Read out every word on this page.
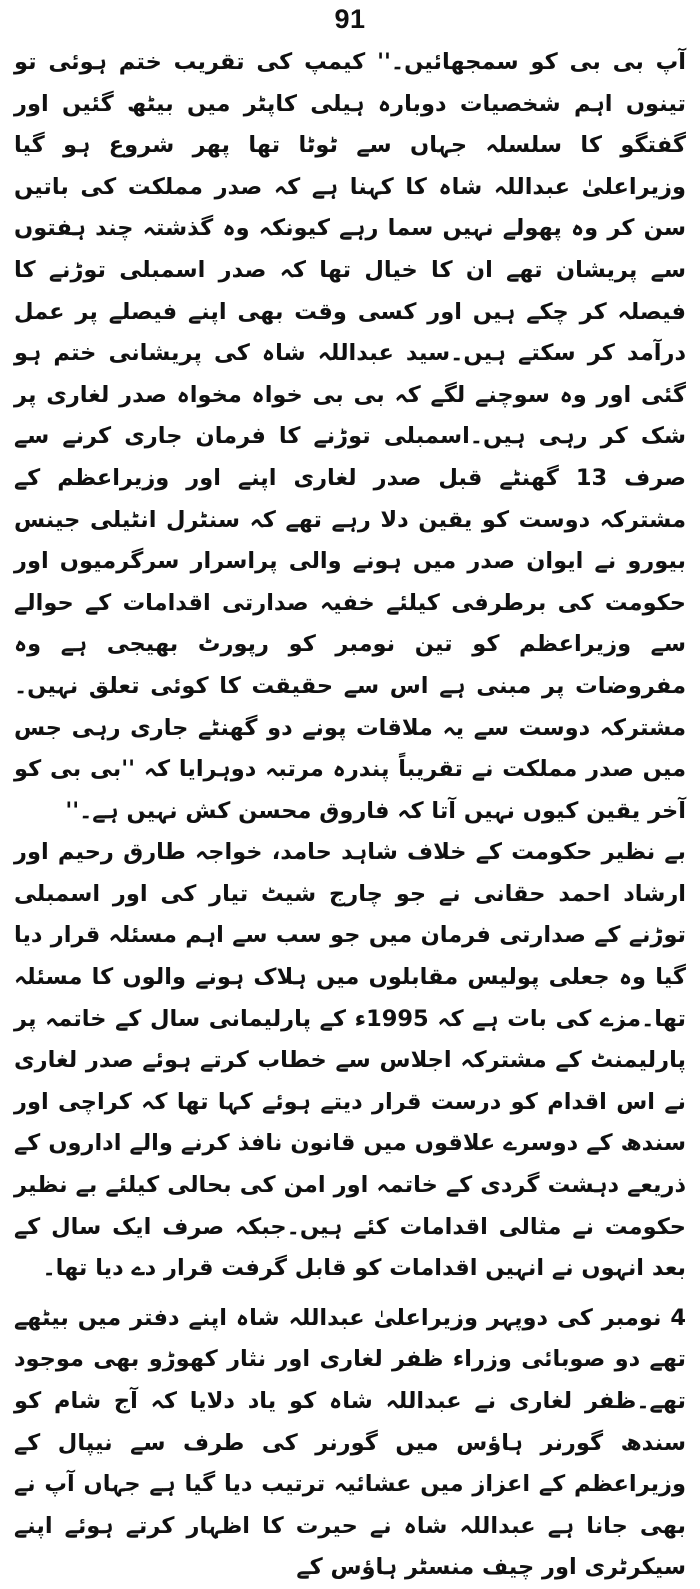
91

آپ بی بی کو سمجھائیں۔'' کیمپ کی تقریب ختم ہوئی تو تینوں اہم شخصیات دوبارہ ہیلی کاپٹر میں بیٹھ گئیں اور گفتگو کا سلسلہ جہاں سے ٹوٹا تھا پھر شروع ہو گیا وزیراعلیٰ عبداللہ شاہ کا کہنا ہے کہ صدر مملکت کی باتیں سن کر وہ پھولے نہیں سما رہے کیونکہ وہ گذشتہ چند ہفتوں سے پریشان تھے ان کا خیال تھا کہ صدر اسمبلی توڑنے کا فیصلہ کر چکے ہیں اور کسی وقت بھی اپنے فیصلے پر عمل درآمد کر سکتے ہیں۔سید عبداللہ شاہ کی پریشانی ختم ہو گئی اور وہ سوچنے لگے کہ بی بی خواہ مخواہ صدر لغاری پر شک کر رہی ہیں۔اسمبلی توڑنے کا فرمان جاری کرنے سے صرف 13 گھنٹے قبل صدر لغاری اپنے اور وزیراعظم کے مشترکہ دوست کو یقین دلا رہے تھے کہ سنٹرل انٹیلی جینس بیورو نے ایوان صدر میں ہونے والی پراسرار سرگرمیوں اور حکومت کی برطرفی کیلئے خفیہ صدارتی اقدامات کے حوالے سے وزیراعظم کو تین نومبر کو رپورٹ بھیجی ہے وہ مفروضات پر مبنی ہے اس سے حقیقت کا کوئی تعلق نہیں۔ مشترکہ دوست سے یہ ملاقات پونے دو گھنٹے جاری رہی جس میں صدر مملکت نے تقریباً پندرہ مرتبہ دوہرایا کہ ''بی بی کو آخر یقین کیوں نہیں آتا کہ فاروق محسن کش نہیں ہے۔''

بے نظیر حکومت کے خلاف شاہد حامد، خواجہ طارق رحیم اور ارشاد احمد حقانی نے جو چارج شیٹ تیار کی اور اسمبلی توڑنے کے صدارتی فرمان میں جو سب سے اہم مسئلہ قرار دیا گیا وہ جعلی پولیس مقابلوں میں ہلاک ہونے والوں کا مسئلہ تھا۔مزے کی بات ہے کہ 1995ء کے پارلیمانی سال کے خاتمہ پر پارلیمنٹ کے مشترکہ اجلاس سے خطاب کرتے ہوئے صدر لغاری نے اس اقدام کو درست قرار دیتے ہوئے کہا تھا کہ کراچی اور سندھ کے دوسرے علاقوں میں قانون نافذ کرنے والے اداروں کے ذریعے دہشت گردی کے خاتمہ اور امن کی بحالی کیلئے بے نظیر حکومت نے مثالی اقدامات کئے ہیں۔جبکہ صرف ایک سال کے بعد انہوں نے انہیں اقدامات کو قابل گرفت قرار دے دیا تھا۔

4 نومبر کی دوپہر وزیراعلیٰ عبداللہ شاہ اپنے دفتر میں بیٹھے تھے دو صوبائی وزراء ظفر لغاری اور نثار کھوڑو بھی موجود تھے۔ظفر لغاری نے عبداللہ شاہ کو یاد دلایا کہ آج شام کو سندھ گورنر ہاؤس میں گورنر کی طرف سے نیپال کے وزیراعظم کے اعزاز میں عشائیہ ترتیب دیا گیا ہے جہاں آپ نے بھی جانا ہے عبداللہ شاہ نے حیرت کا اظہار کرتے ہوئے اپنے سیکرٹری اور چیف منسٹر ہاؤس کے
